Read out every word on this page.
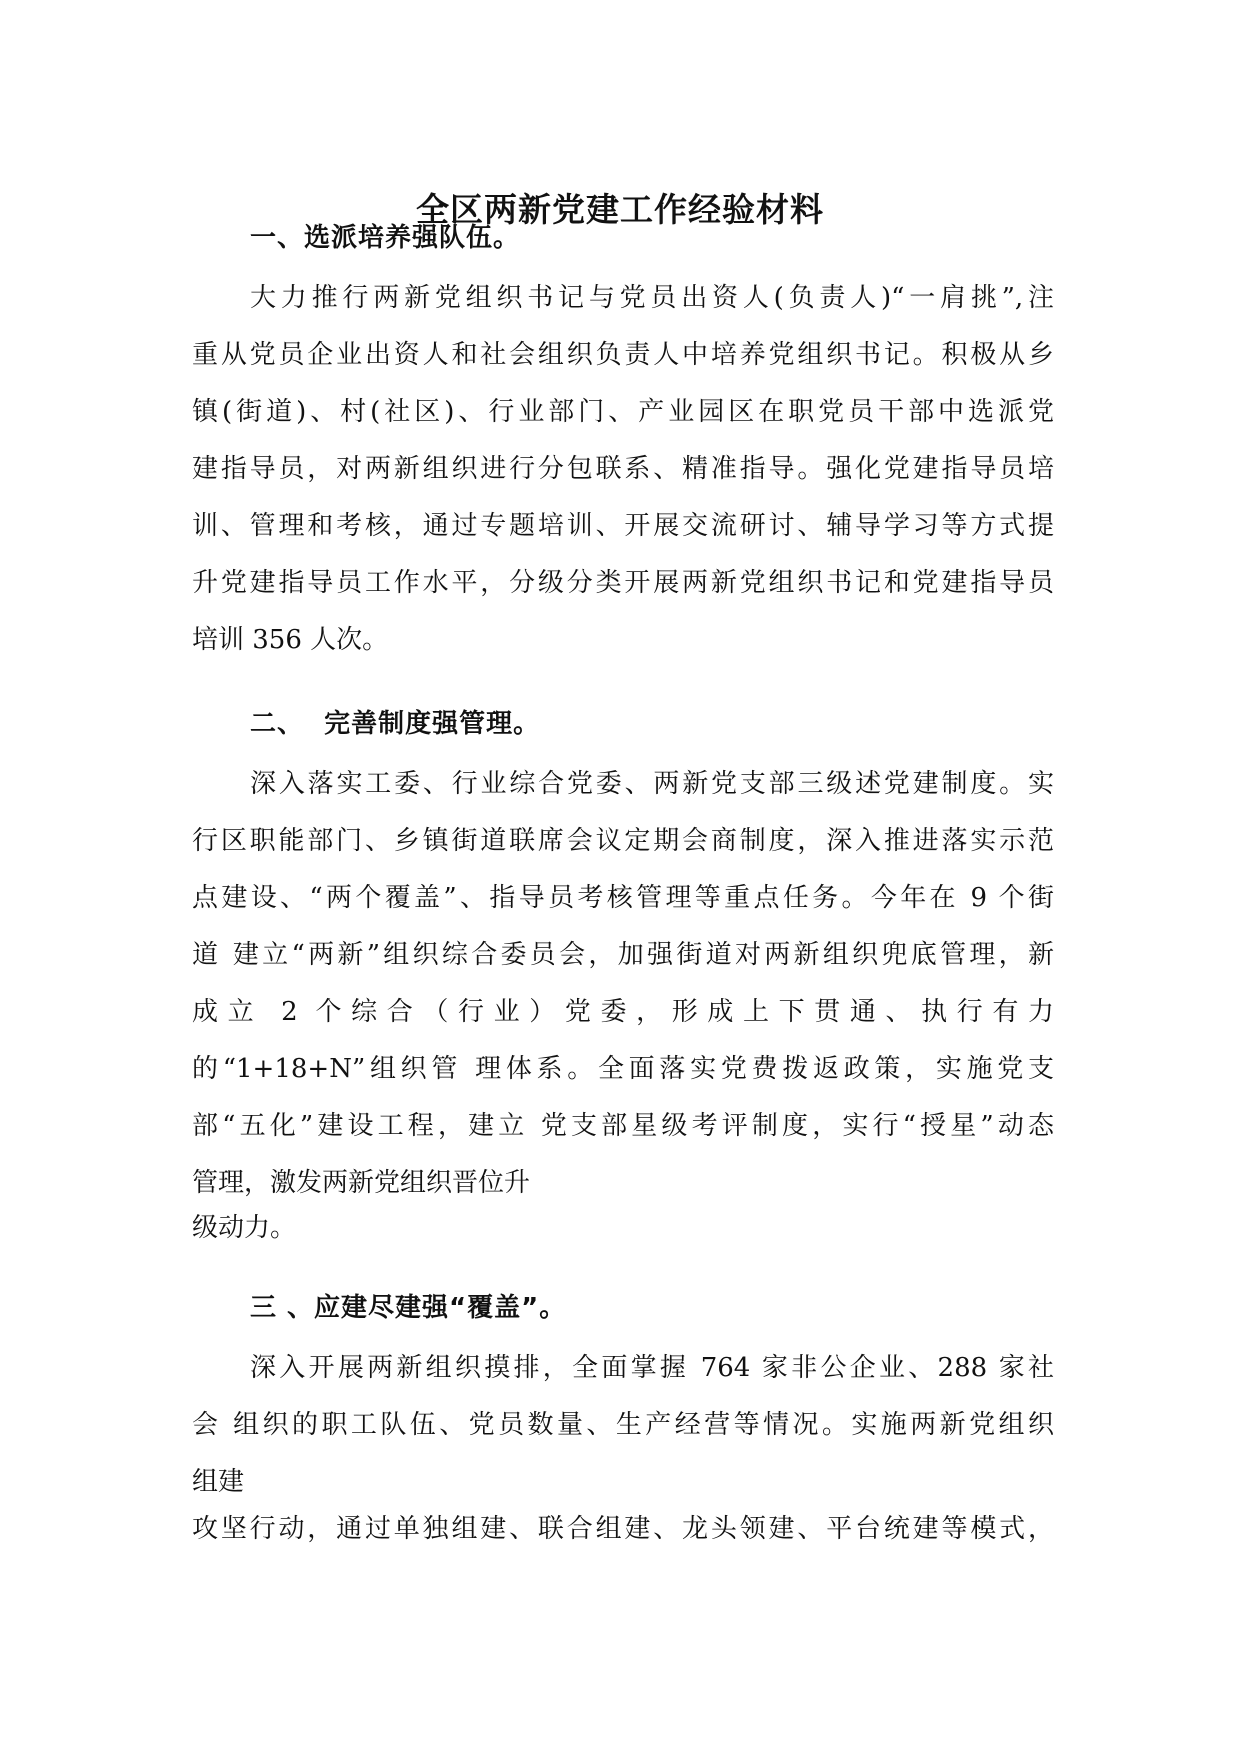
全区两新党建工作经验材料
一、选派培养强队伍。
大力推行两新党组织书记与党员出资人(负责人)“一肩挑”,注
重从党员企业出资人和社会组织负责人中培养党组织书记。积极从乡
镇(街道)、村(社区)、行业部门、产业园区在职党员干部中选派党
建指导员，对两新组织进行分包联系、精准指导。强化党建指导员培
训、管理和考核，通过专题培训、开展交流研讨、辅导学习等方式提
升党建指导员工作水平，分级分类开展两新党组织书记和党建指导员
培训 356 人次。
二、  完善制度强管理。
深入落实工委、行业综合党委、两新党支部三级述党建制度。实
行区职能部门、乡镇街道联席会议定期会商制度，深入推进落实示范
点建设、“两个覆盖”、指导员考核管理等重点任务。今年在 9 个街
道 建立“两新”组织综合委员会，加强街道对两新组织兜底管理，新
成立 2 个综合（行业）党委，形成上下贯通、执行有力
的“1+18+N”组织管 理体系。全面落实党费拨返政策，实施党支
部“五化”建设工程，建立 党支部星级考评制度，实行“授星”动态
管理，激发两新党组织晋位升
级动力。
三 、应建尽建强“覆盖”。
深入开展两新组织摸排，全面掌握 764 家非公企业、288 家社
会 组织的职工队伍、党员数量、生产经营等情况。实施两新党组织
组建
攻坚行动，通过单独组建、联合组建、龙头领建、平台统建等模式，
